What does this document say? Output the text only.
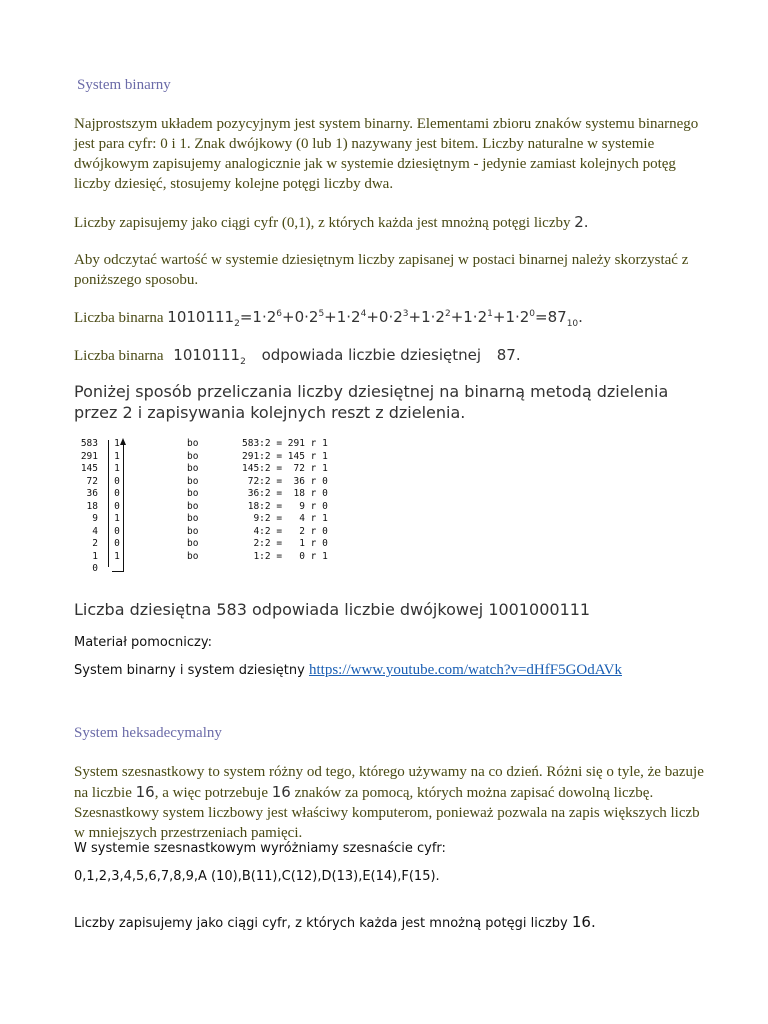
System binarny
Najprostszym układem pozycyjnym jest system binarny. Elementami zbioru znaków systemu binarnego jest para cyfr: 0 i 1. Znak dwójkowy (0 lub 1) nazywany jest bitem. Liczby naturalne w systemie dwójkowym zapisujemy analogicznie jak w systemie dziesiętnym - jedynie zamiast kolejnych potęg liczby dziesięć, stosujemy kolejne potęgi liczby dwa.
Liczby zapisujemy jako ciągi cyfr (0,1), z których każda jest mnożną potęgi liczby 2.
Aby odczytać wartość w systemie dziesiętnym liczby zapisanej w postaci binarnej należy skorzystać z poniższego sposobu.
Liczba binarna $1010111_2=1\cdot 2^6+0\cdot 2^5+1\cdot 2^4+0\cdot 2^3+1\cdot 2^2+1\cdot 2^1+1\cdot 2^0=87_{10}$.
Liczba binarna $1010111_2$ odpowiada liczbie dziesiętnej 87.
Poniżej sposób przeliczania liczby dziesiętnej na binarną metodą dzielenia przez 2 i zapisywania kolejnych reszt z dzielenia.
583 1	bo	583:2 = 291 r 1
291 1	bo	291:2 = 145 r 1
145 1	bo	145:2 =  72 r 1
72 0	bo	72:2 =  36 r 0
36 0	bo	36:2 =  18 r 0
18 0	bo	18:2 =   9 r 0
9 1	bo	9:2 =   4 r 1
4 0	bo	4:2 =   2 r 0
2 0	bo	2:2 =   1 r 0
1 1	bo	1:2 =   0 r 1
0
Liczba dziesiętna 583 odpowiada liczbie dwójkowej 1001000111
Materiał pomocniczy:
System binarny i system dziesiętny https://www.youtube.com/watch?v=dHfF5GOdAVk
System heksadecymalny
System szesnastkowy to system różny od tego, którego używamy na co dzień. Różni się o tyle, że bazuje na liczbie 16, a więc potrzebuje 16 znaków za pomocą, których można zapisać dowolną liczbę. Szesnastkowy system liczbowy jest właściwy komputerom, ponieważ pozwala na zapis większych liczb w mniejszych przestrzeniach pamięci.
W systemie szesnastkowym wyróżniamy szesnaście cyfr:
0,1,2,3,4,5,6,7,8,9,A (10),B(11),C(12),D(13),E(14),F(15).
Liczby zapisujemy jako ciągi cyfr, z których każda jest mnożną potęgi liczby 16.
